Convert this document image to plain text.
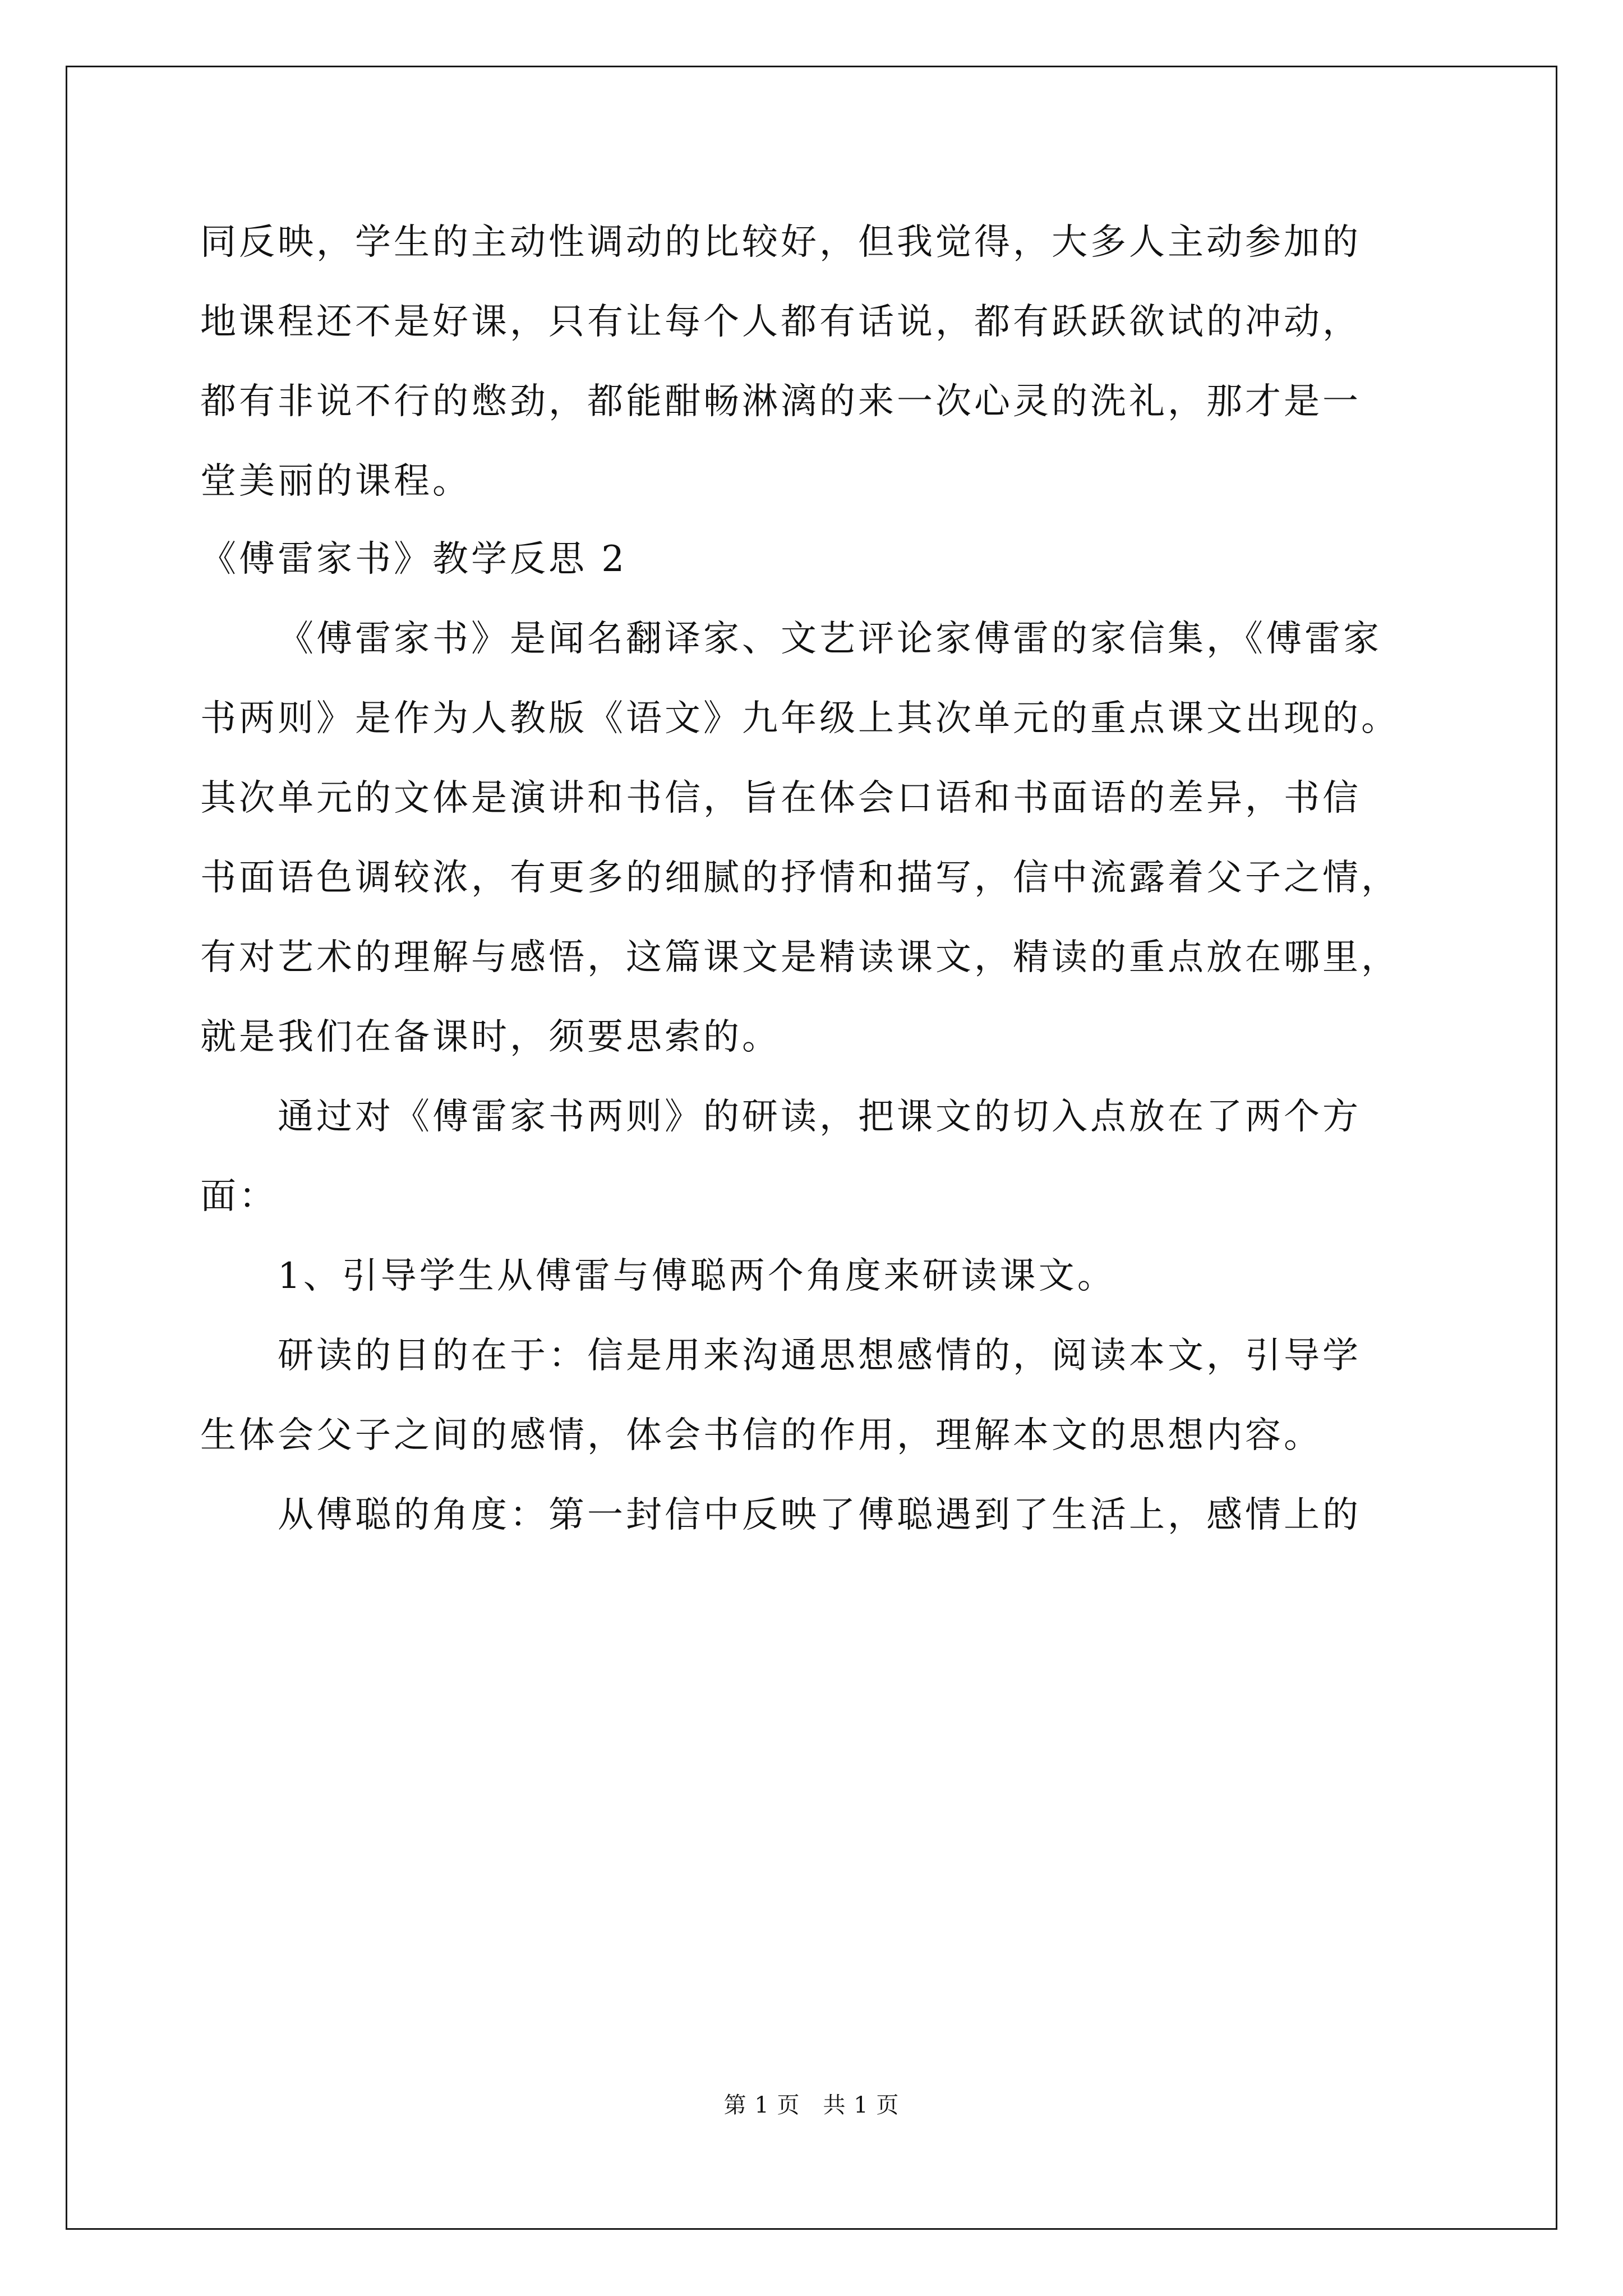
同反映，学生的主动性调动的比较好，但我觉得，大多人主动参加的
地课程还不是好课，只有让每个人都有话说，都有跃跃欲试的冲动，
都有非说不行的憋劲，都能酣畅淋漓的来一次心灵的洗礼，那才是一
堂美丽的课程。
《傅雷家书》教学反思 2
《傅雷家书》是闻名翻译家、文艺评论家傅雷的家信集，《傅雷家
书两则》是作为人教版《语文》九年级上其次单元的重点课文出现的。
其次单元的文体是演讲和书信，旨在体会口语和书面语的差异，书信
书面语色调较浓，有更多的细腻的抒情和描写，信中流露着父子之情，
有对艺术的理解与感悟，这篇课文是精读课文，精读的重点放在哪里，
就是我们在备课时，须要思索的。
通过对《傅雷家书两则》的研读，把课文的切入点放在了两个方
面：
1、引导学生从傅雷与傅聪两个角度来研读课文。
研读的目的在于：信是用来沟通思想感情的，阅读本文，引导学
生体会父子之间的感情，体会书信的作用，理解本文的思想内容。
从傅聪的角度：第一封信中反映了傅聪遇到了生活上，感情上的
第 1 页　共 1 页
